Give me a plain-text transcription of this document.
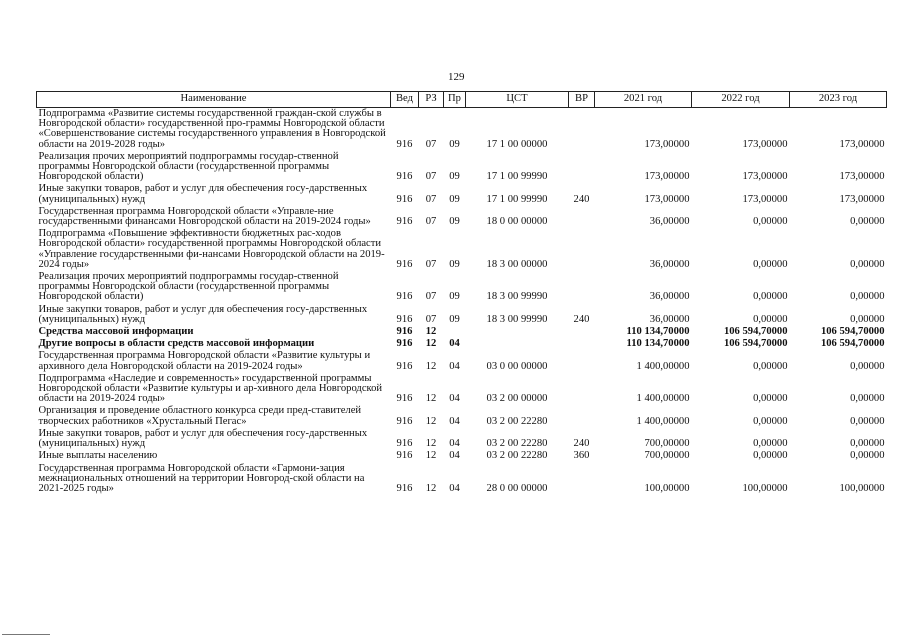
129
Наименование	Вед	РЗ	Пр	ЦСТ	ВР	2021 год	2022 год	2023 год
Подпрограмма «Развитие системы государственной граждан-ской службы в Новгородской области» государственной про-граммы Новгородской области «Совершенствование системы государственного управления в Новгородской области на 2019-2028 годы»	916	07	09	17 1 00 00000		173,00000	173,00000	173,00000
Реализация прочих мероприятий подпрограммы государ-ственной программы Новгородской области (государственной программы Новгородской области)	916	07	09	17 1 00 99990		173,00000	173,00000	173,00000
Иные закупки товаров, работ и услуг для обеспечения госу-дарственных (муниципальных) нужд	916	07	09	17 1 00 99990	240	173,00000	173,00000	173,00000
Государственная программа Новгородской области «Управле-ние государственными финансами Новгородской области на 2019-2024 годы»	916	07	09	18 0 00 00000		36,00000	0,00000	0,00000
Подпрограмма «Повышение эффективности бюджетных рас-ходов Новгородской области» государственной программы Новгородской области «Управление государственными фи-нансами Новгородской области на 2019-2024 годы»	916	07	09	18 3 00 00000		36,00000	0,00000	0,00000
Реализация прочих мероприятий подпрограммы государ-ственной программы Новгородской области (государственной программы Новгородской области)	916	07	09	18 3 00 99990		36,00000	0,00000	0,00000
Иные закупки товаров, работ и услуг для обеспечения госу-дарственных (муниципальных) нужд	916	07	09	18 3 00 99990	240	36,00000	0,00000	0,00000
Средства массовой информации	916	12				110 134,70000	106 594,70000	106 594,70000
Другие вопросы в области средств массовой информации	916	12	04			110 134,70000	106 594,70000	106 594,70000
Государственная программа Новгородской области «Развитие культуры и архивного дела Новгородской области на 2019-2024 годы»	916	12	04	03 0 00 00000		1 400,00000	0,00000	0,00000
Подпрограмма «Наследие и современность» государственной программы Новгородской области «Развитие культуры и ар-хивного дела Новгородской области на 2019-2024 годы»	916	12	04	03 2 00 00000		1 400,00000	0,00000	0,00000
Организация и проведение областного конкурса среди пред-ставителей творческих работников «Хрустальный Пегас»	916	12	04	03 2 00 22280		1 400,00000	0,00000	0,00000
Иные закупки товаров, работ и услуг для обеспечения госу-дарственных (муниципальных) нужд	916	12	04	03 2 00 22280	240	700,00000	0,00000	0,00000
Иные выплаты населению	916	12	04	03 2 00 22280	360	700,00000	0,00000	0,00000
Государственная программа Новгородской области «Гармони-зация межнациональных отношений на территории Новгород-ской области на 2021-2025 годы»	916	12	04	28 0 00 00000		100,00000	100,00000	100,00000
